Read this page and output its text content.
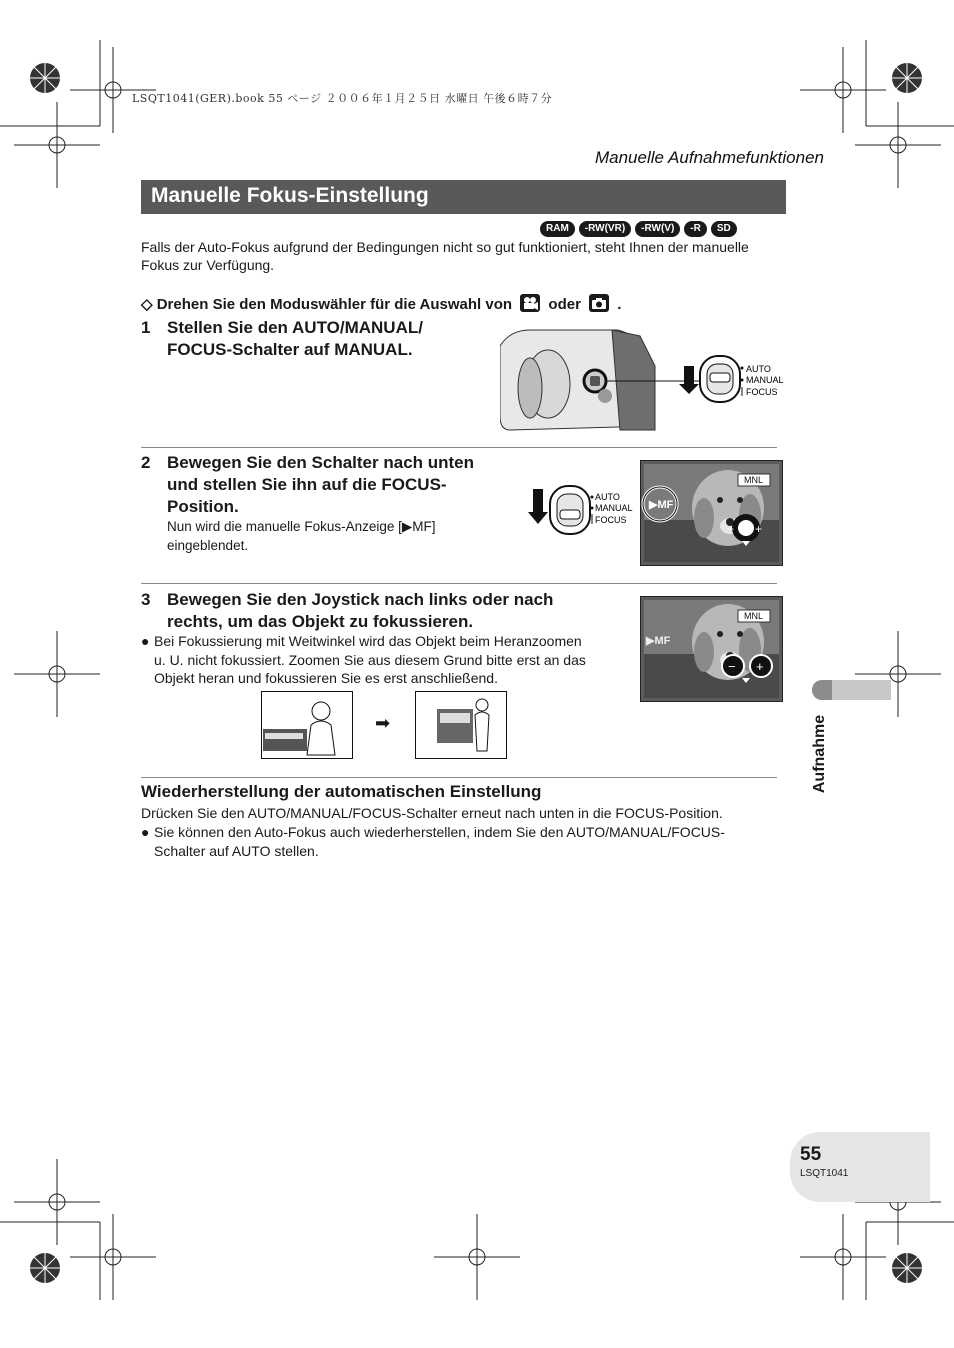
LSQT1041(GER).book 55 ページ ２００６年１月２５日 水曜日 午後６時７分
Manuelle Aufnahmefunktionen
Manuelle Fokus-Einstellung
RAM	-RW(VR)	-RW(V)	-R	SD
Falls der Auto-Fokus aufgrund der Bedingungen nicht so gut funktioniert, steht Ihnen der manuelle Fokus zur Verfügung.
◇ Drehen Sie den Moduswähler für die Auswahl von oder .
1 Stellen Sie den AUTO/MANUAL/
FOCUS-Schalter auf MANUAL.
AUTO
MANUAL
FOCUS
2 Bewegen Sie den Schalter nach unten
und stellen Sie ihn auf die FOCUS-
Position.
Nun wird die manuelle Fokus-Anzeige [▶MF]
eingeblendet.
AUTO
MANUAL
FOCUS
MNL
▶MF
− +
3 Bewegen Sie den Joystick nach links oder nach
rechts, um das Objekt zu fokussieren.
● Bei Fokussierung mit Weitwinkel wird das Objekt beim Heranzoomen
u. U. nicht fokussiert. Zoomen Sie aus diesem Grund bitte erst an das
Objekt heran und fokussieren Sie es erst anschließend.
MNL
▶MF
− +
➡
Wiederherstellung der automatischen Einstellung
Drücken Sie den AUTO/MANUAL/FOCUS-Schalter erneut nach unten in die FOCUS-Position.
● Sie können den Auto-Fokus auch wiederherstellen, indem Sie den AUTO/MANUAL/FOCUS-
Schalter auf AUTO stellen.
Aufnahme
55
LSQT1041
